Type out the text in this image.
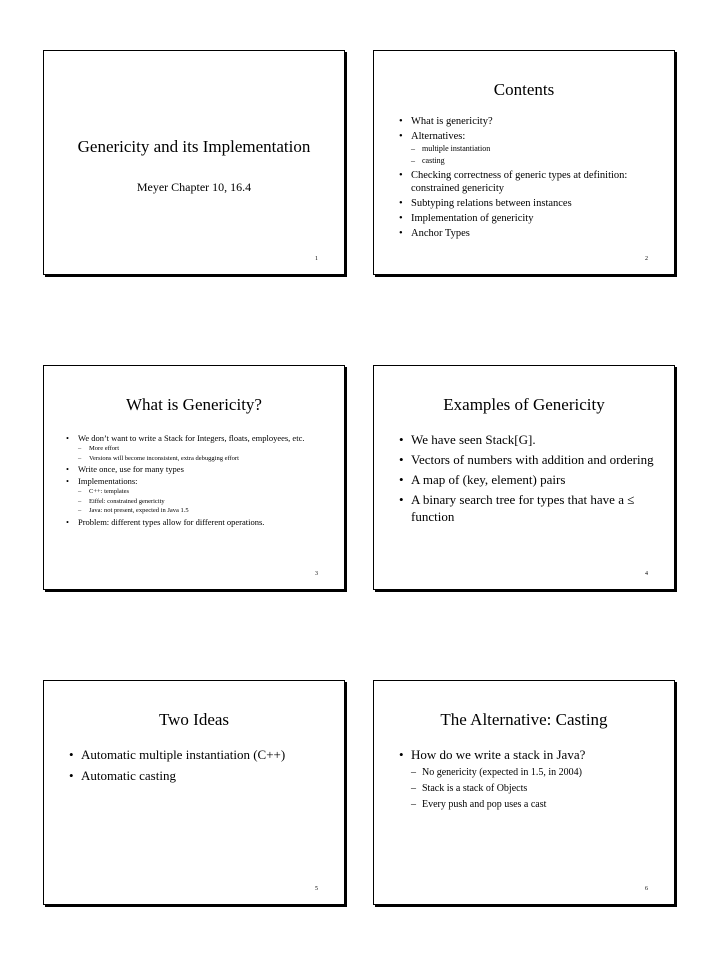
Genericity and its Implementation
Meyer Chapter 10, 16.4
1
Contents
• What is genericity?
• Alternatives:
– multiple instantiation
– casting
• Checking correctness of generic types at definition: constrained genericity
• Subtyping relations between instances
• Implementation of genericity
• Anchor Types
2
What is Genericity?
• We don’t want to write a Stack for Integers, floats, employees, etc.
– More effort
– Versions will become inconsistent, extra debugging effort
• Write once, use for many types
• Implementations:
– C++: templates
– Eiffel: constrained genericity
– Java: not present, expected in Java 1.5
• Problem: different types allow for different operations.
3
Examples of Genericity
• We have seen Stack[G].
• Vectors of numbers with addition and ordering
• A map of (key, element) pairs
• A binary search tree for types that have a ≤ function
4
Two Ideas
• Automatic multiple instantiation (C++)
• Automatic casting
5
The Alternative: Casting
• How do we write a stack in Java?
– No genericity (expected in 1.5, in 2004)
– Stack is a stack of Objects
– Every push and pop uses a cast
6
